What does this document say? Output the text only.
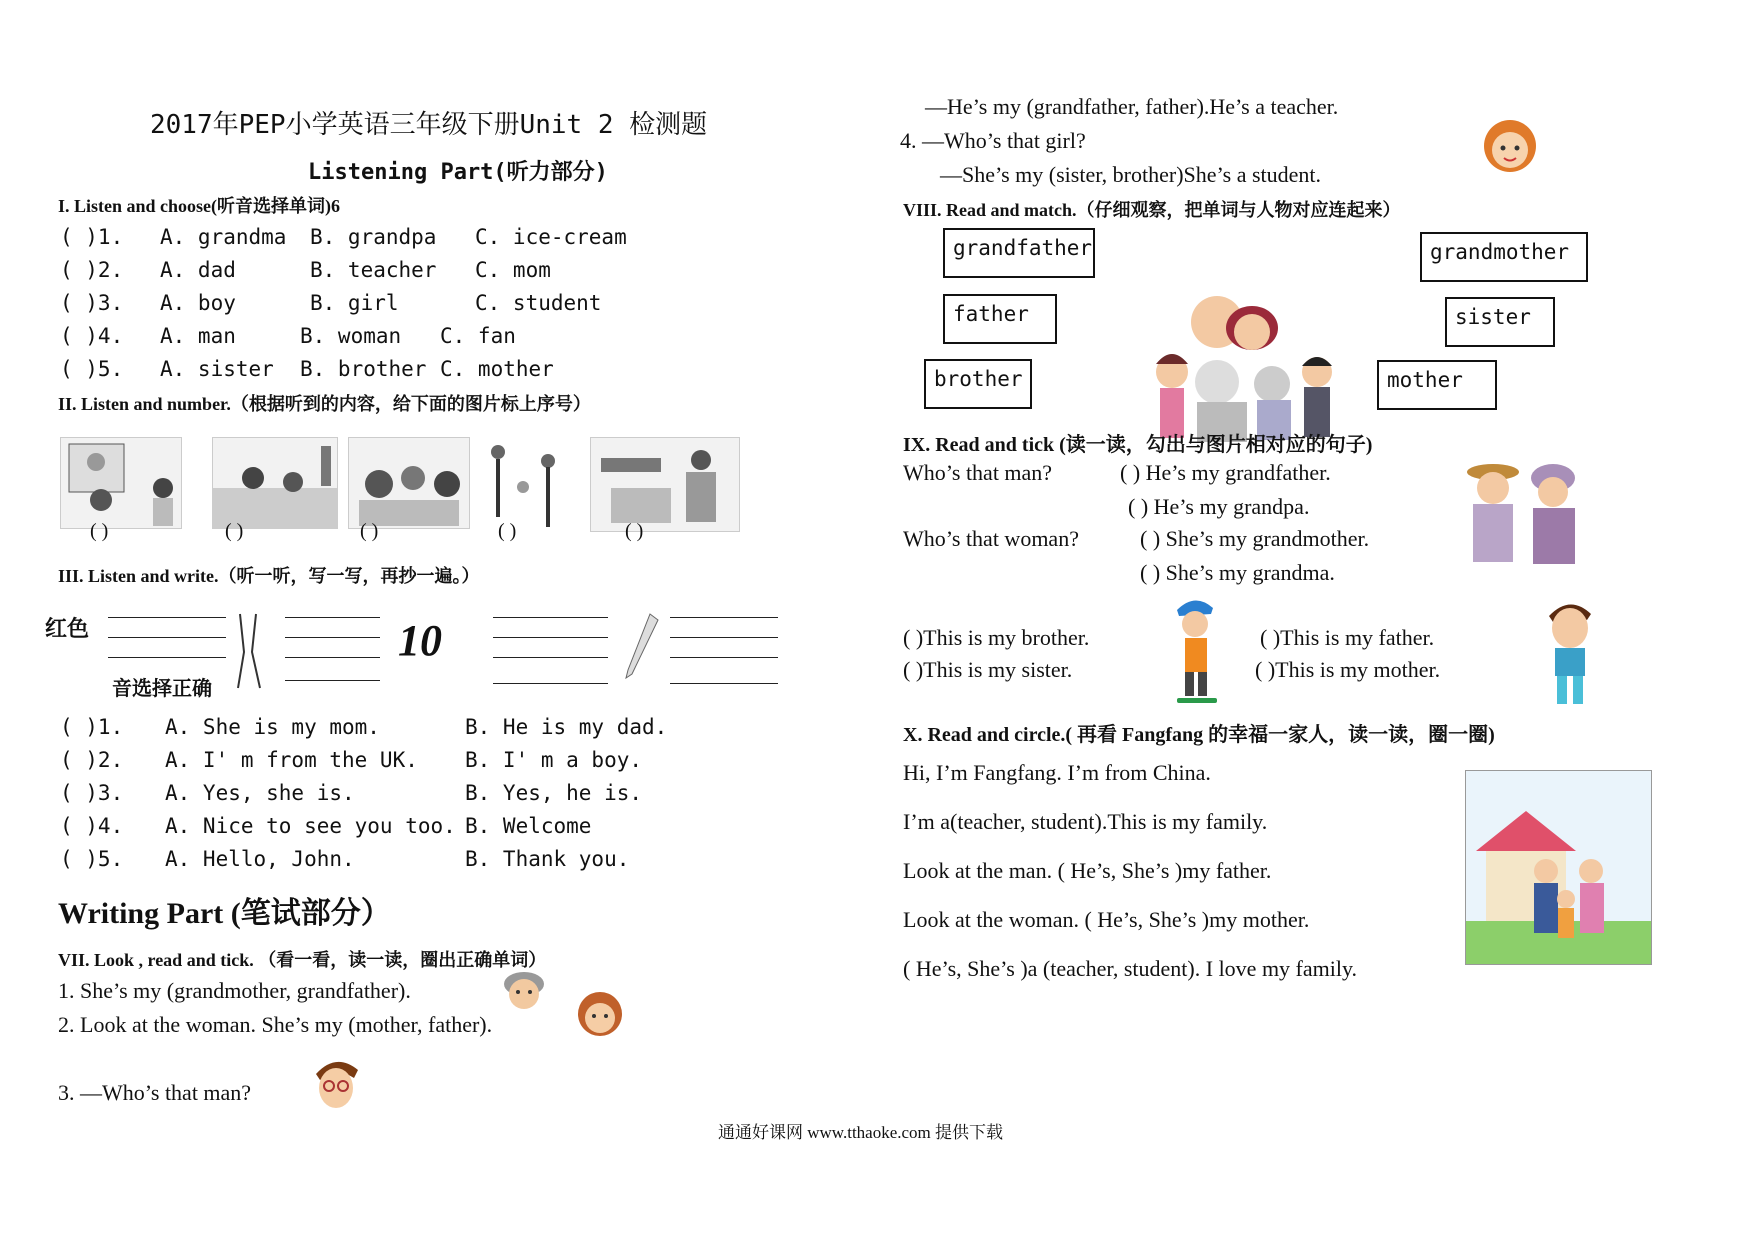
2017年PEP小学英语三年级下册Unit 2 检测题
Listening Part(听力部分)
I. Listen and choose(听音选择单词)6
( )1.	A. grandma	B. grandpa	C. ice-cream
( )2.	A. dad	B. teacher	C. mom
( )3.	A. boy	B. girl	C. student
( )4.	A. man	B. woman	C. fan
( )5.	A. sister	B. brother C. mother
II. Listen and number.（根据听到的内容，给下面的图片标上序号）
( )	( )	( )	( )	( )
III. Listen and write.（听一听，写一写，再抄一遍。）
红色	10
音选择正确
( )1.	A. She is my mom.	B. He is my dad.
( )2.	A. I' m from the UK.	B. I' m a boy.
( )3.	A. Yes, she is.	B. Yes, he is.
( )4.	A. Nice to see you too. B. Welcome
( )5.	A. Hello, John.	B. Thank you.
Writing Part (笔试部分）
VII. Look , read and tick. （看一看，读一读，圈出正确单词）
1. She’s my (grandmother, grandfather).
2. Look at the woman. She’s my (mother, father).
3. —Who’s that man?
—He’s my (grandfather, father).He’s a teacher.
4. —Who’s that girl?
—She’s my (sister, brother)She’s a student.
VIII. Read and match.（仔细观察，把单词与人物对应连起来）
grandfather
father
brother
grandmother
sister
mother
IX. Read and tick (读一读，勾出与图片相对应的句子)
Who’s that man?	( ) He’s my grandfather.
( ) He’s my grandpa.
Who’s that woman?	( ) She’s my grandmother.
( ) She’s my grandma.
( )This is my brother.
( )This is my sister.
( )This is my father.
( )This is my mother.
X. Read and circle.( 再看 Fangfang 的幸福一家人，读一读，圈一圈)
Hi, I’m Fangfang. I’m from China.
I’m a(teacher, student).This is my family.
Look at the man. ( He’s, She’s )my father.
Look at the woman. ( He’s, She’s )my mother.
( He’s, She’s )a (teacher, student). I love my family.
通通好课网 www.tthaoke.com 提供下载
